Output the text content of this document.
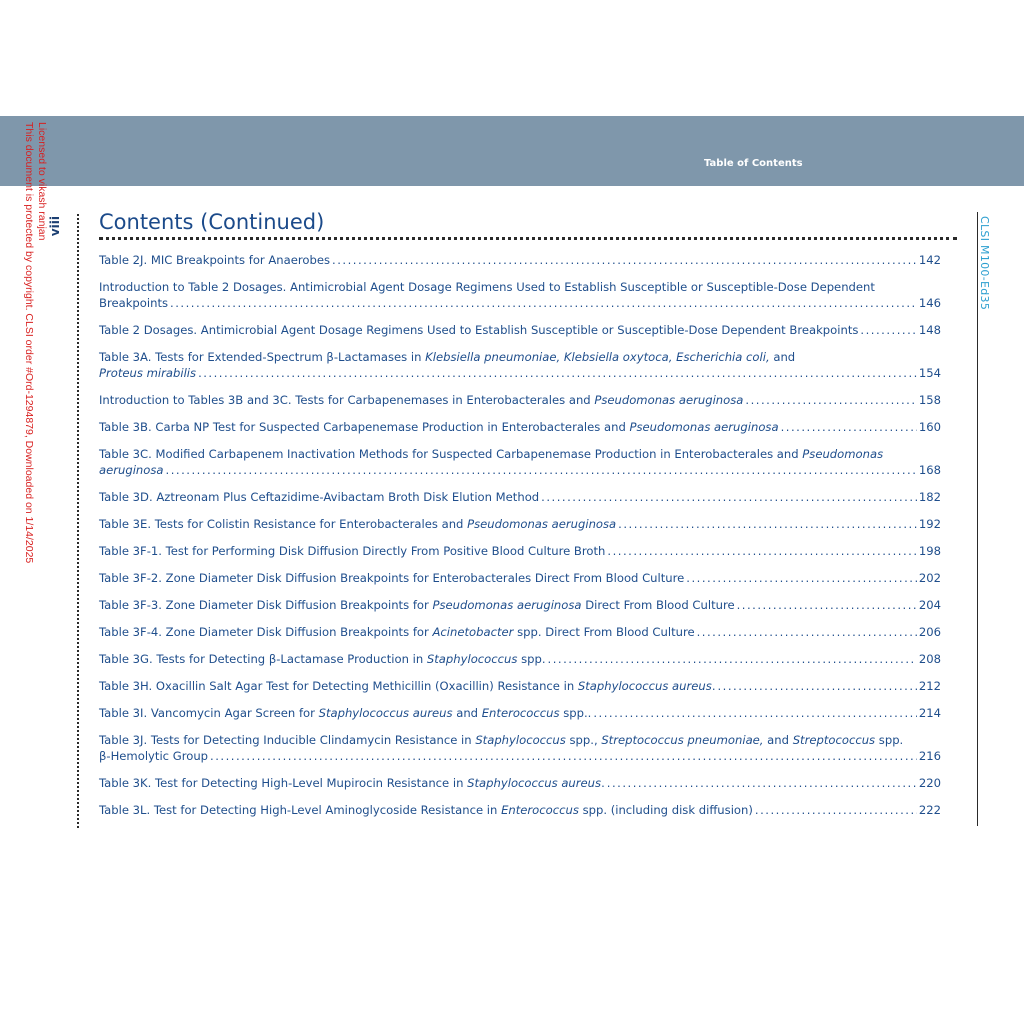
Table of Contents
Licensed to vikash ranjan
This document is protected by copyright. CLSI order #Ord-1294879, Downloaded on 1/14/2025 viii	CLSI M100-Ed35
Contents (Continued)
Table 2J. MIC Breakpoints for Anaerobes .....	142
Introduction to Table 2 Dosages. Antimicrobial Agent Dosage Regimens Used to Establish Susceptible or Susceptible-Dose Dependent
Breakpoints .....	146
Table 2 Dosages. Antimicrobial Agent Dosage Regimens Used to Establish Susceptible or Susceptible-Dose Dependent Breakpoints .....	148
Table 3A. Tests for Extended-Spectrum β-Lactamases in Klebsiella pneumoniae, Klebsiella oxytoca, Escherichia coli, and
Proteus mirabilis .....	154
Introduction to Tables 3B and 3C. Tests for Carbapenemases in Enterobacterales and Pseudomonas aeruginosa .....	158
Table 3B. Carba NP Test for Suspected Carbapenemase Production in Enterobacterales and Pseudomonas aeruginosa .....	160
Table 3C. Modified Carbapenem Inactivation Methods for Suspected Carbapenemase Production in Enterobacterales and Pseudomonas
aeruginosa .....	168
Table 3D. Aztreonam Plus Ceftazidime-Avibactam Broth Disk Elution Method .....	182
Table 3E. Tests for Colistin Resistance for Enterobacterales and Pseudomonas aeruginosa .....	192
Table 3F-1. Test for Performing Disk Diffusion Directly From Positive Blood Culture Broth .....	198
Table 3F-2. Zone Diameter Disk Diffusion Breakpoints for Enterobacterales Direct From Blood Culture .....	202
Table 3F-3. Zone Diameter Disk Diffusion Breakpoints for Pseudomonas aeruginosa Direct From Blood Culture .....	204
Table 3F-4. Zone Diameter Disk Diffusion Breakpoints for Acinetobacter spp. Direct From Blood Culture .....	206
Table 3G. Tests for Detecting β-Lactamase Production in Staphylococcus spp. .....	208
Table 3H. Oxacillin Salt Agar Test for Detecting Methicillin (Oxacillin) Resistance in Staphylococcus aureus. .....	212
Table 3I. Vancomycin Agar Screen for Staphylococcus aureus and Enterococcus spp.. .....	214
Table 3J. Tests for Detecting Inducible Clindamycin Resistance in Staphylococcus spp., Streptococcus pneumoniae, and Streptococcus spp.
β-Hemolytic Group .....	216
Table 3K. Test for Detecting High-Level Mupirocin Resistance in Staphylococcus aureus. .....	220
Table 3L. Test for Detecting High-Level Aminoglycoside Resistance in Enterococcus spp. (including disk diffusion) .....	222
